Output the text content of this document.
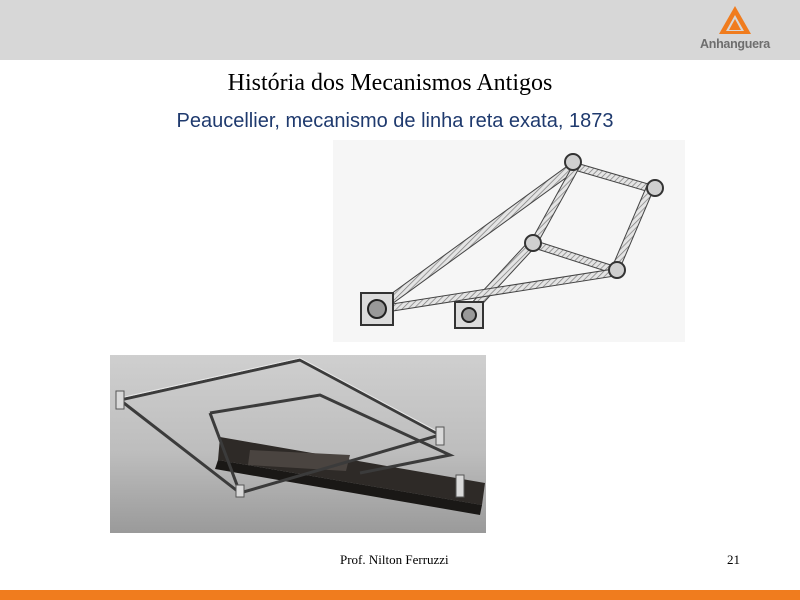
Anhanguera
História dos Mecanismos Antigos
Peaucellier, mecanismo de linha reta exata, 1873
Prof. Nilton Ferruzzi	21
